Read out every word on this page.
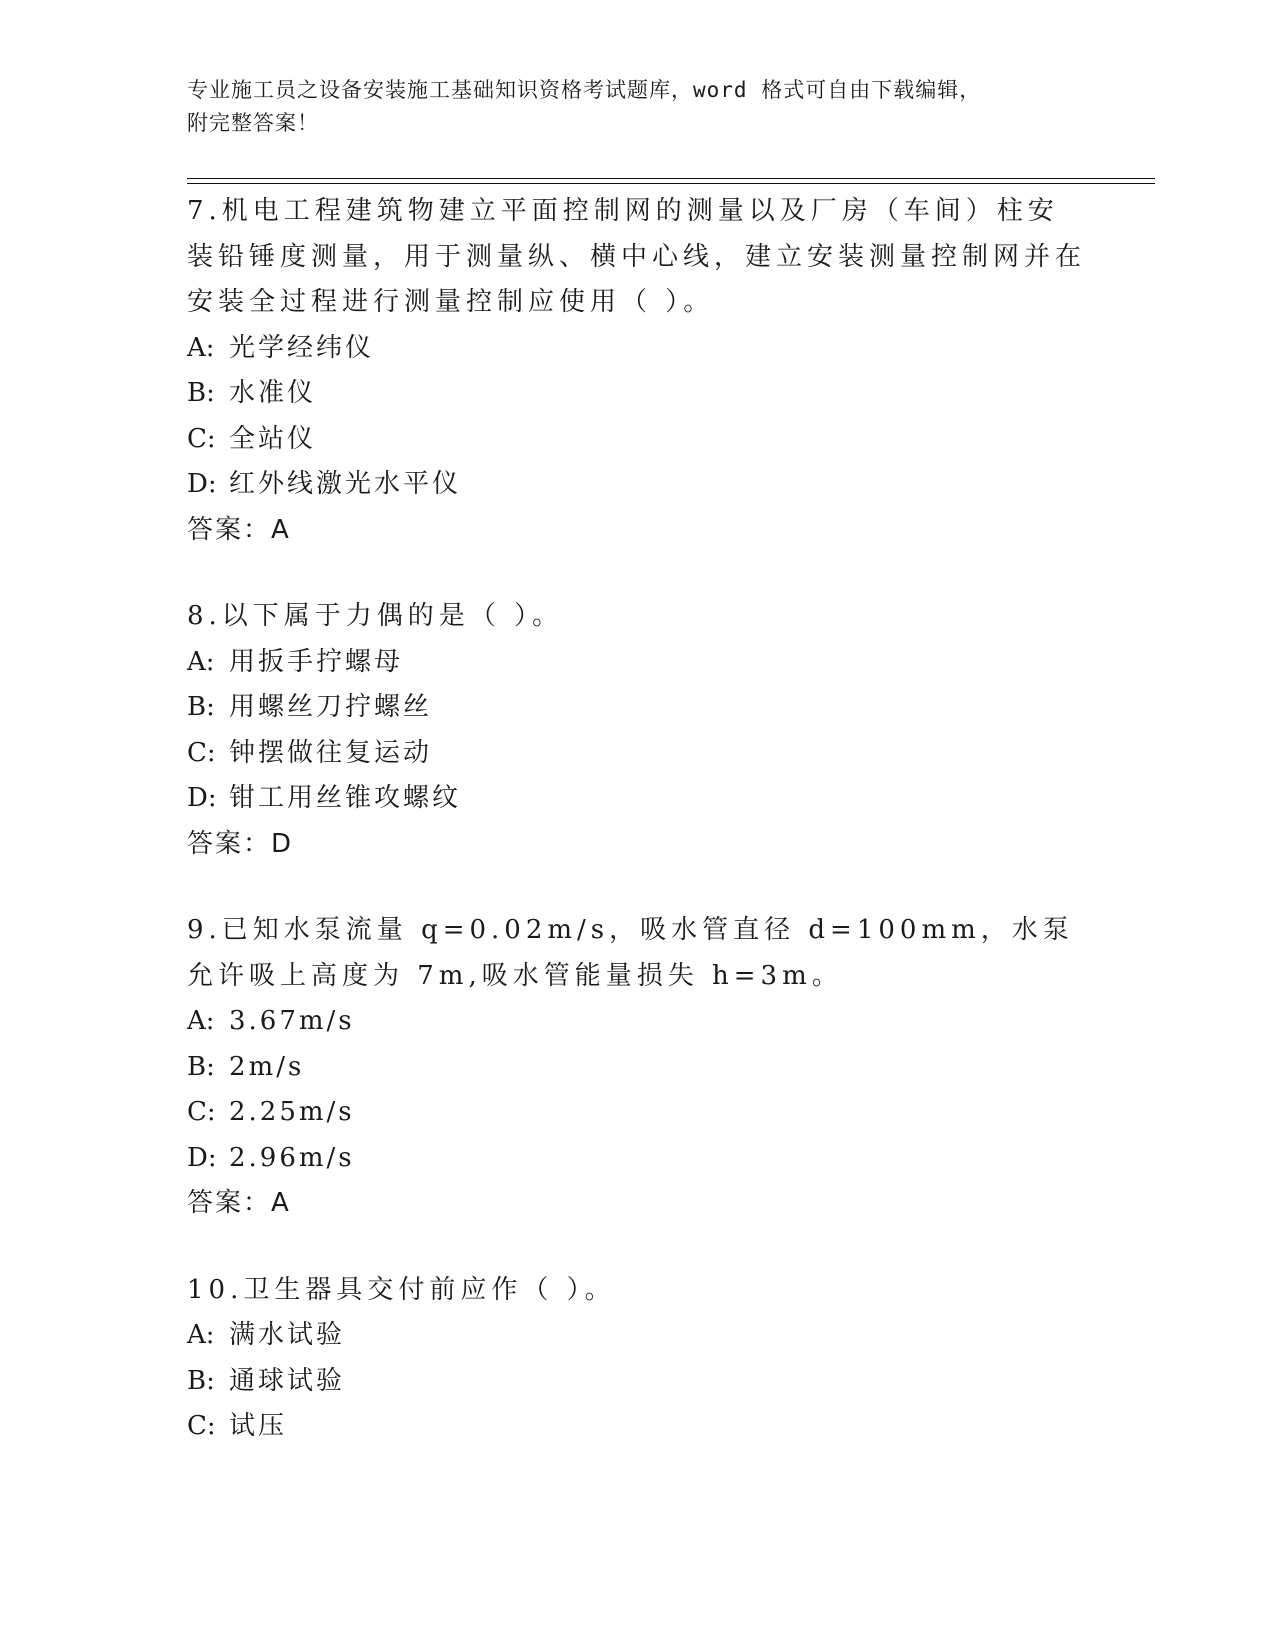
专业施工员之设备安装施工基础知识资格考试题库，word 格式可自由下载编辑，
附完整答案！
7.机电工程建筑物建立平面控制网的测量以及厂房（车间）柱安装铅锤度测量，用于测量纵、横中心线，建立安装测量控制网并在安装全过程进行测量控制应使用（ ）。
A: 光学经纬仪
B: 水准仪
C: 全站仪
D: 红外线激光水平仪
答案：A
8.以下属于力偶的是（ ）。
A: 用扳手拧螺母
B: 用螺丝刀拧螺丝
C: 钟摆做往复运动
D: 钳工用丝锥攻螺纹
答案：D
9.已知水泵流量 q=0.02m/s，吸水管直径 d=100mm，水泵允许吸上高度为 7m,吸水管能量损失 h=3m。
A: 3.67m/s
B: 2m/s
C: 2.25m/s
D: 2.96m/s
答案：A
10.卫生器具交付前应作（ ）。
A: 满水试验
B: 通球试验
C: 试压
